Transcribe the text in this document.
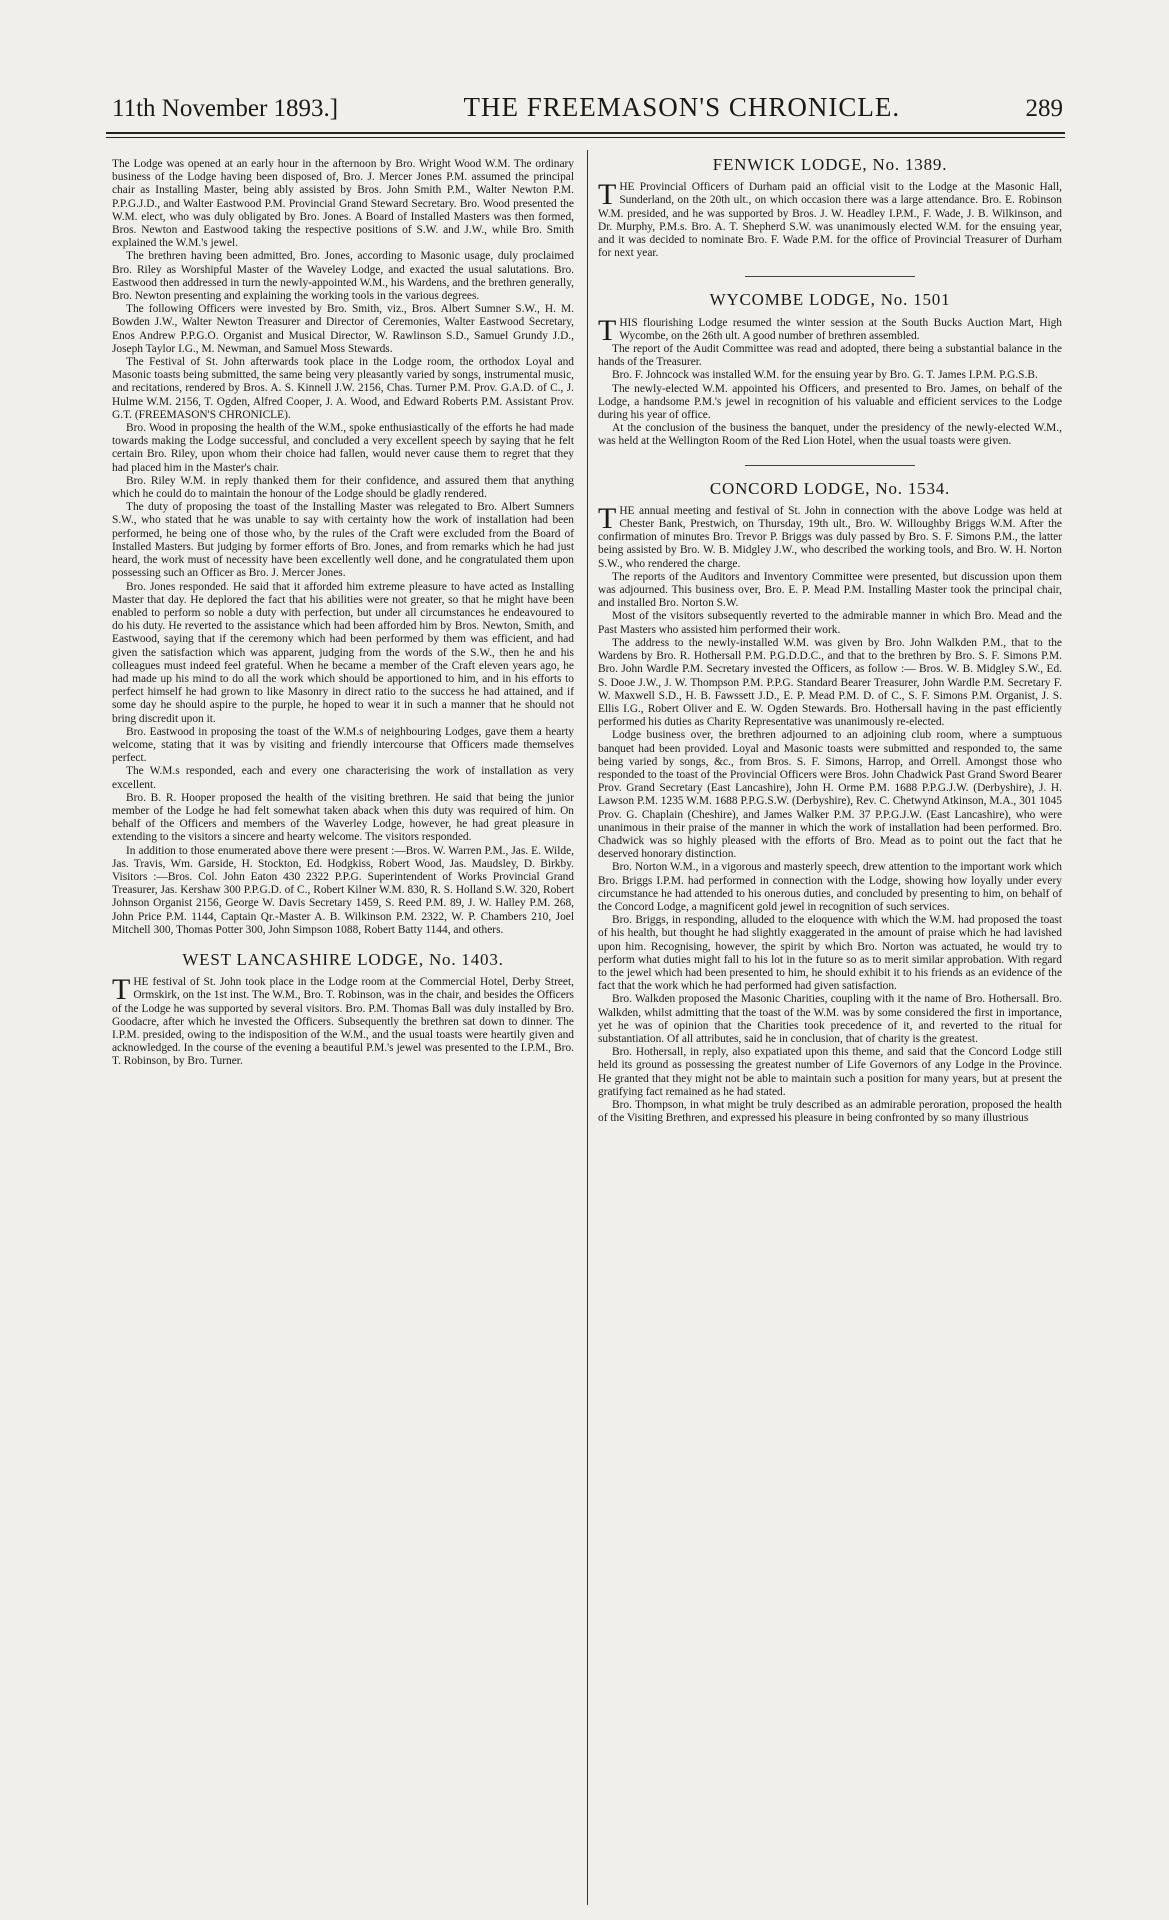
11th November 1893.]	THE FREEMASON'S CHRONICLE.	289

The Lodge was opened at an early hour in the afternoon by Bro. Wright Wood W.M. The ordinary business of the Lodge having been disposed of, Bro. J. Mercer Jones P.M. assumed the principal chair as Installing Master, being ably assisted by Bros. John Smith P.M., Walter Newton P.M. P.P.G.J.D., and Walter Eastwood P.M. Provincial Grand Steward Secretary. Bro. Wood presented the W.M. elect, who was duly obligated by Bro. Jones. A Board of Installed Masters was then formed, Bros. Newton and Eastwood taking the respective positions of S.W. and J.W., while Bro. Smith explained the W.M.'s jewel.

The brethren having been admitted, Bro. Jones, according to Masonic usage, duly proclaimed Bro. Riley as Worshipful Master of the Waveley Lodge, and exacted the usual salutations. Bro. Eastwood then addressed in turn the newly-appointed W.M., his Wardens, and the brethren generally, Bro. Newton presenting and explaining the working tools in the various degrees.

The following Officers were invested by Bro. Smith, viz., Bros. Albert Sumner S.W., H. M. Bowden J.W., Walter Newton Treasurer and Director of Ceremonies, Walter Eastwood Secretary, Enos Andrew P.P.G.O. Organist and Musical Director, W. Rawlinson S.D., Samuel Grundy J.D., Joseph Taylor I.G., M. Newman, and Samuel Moss Stewards.

The Festival of St. John afterwards took place in the Lodge room, the orthodox Loyal and Masonic toasts being submitted, the same being very pleasantly varied by songs, instrumental music, and recitations, rendered by Bros. A. S. Kinnell J.W. 2156, Chas. Turner P.M. Prov. G.A.D. of C., J. Hulme W.M. 2156, T. Ogden, Alfred Cooper, J. A. Wood, and Edward Roberts P.M. Assistant Prov. G.T. (FREEMASON'S CHRONICLE).

Bro. Wood in proposing the health of the W.M., spoke enthusiastically of the efforts he had made towards making the Lodge successful, and concluded a very excellent speech by saying that he felt certain Bro. Riley, upon whom their choice had fallen, would never cause them to regret that they had placed him in the Master's chair.

Bro. Riley W.M. in reply thanked them for their confidence, and assured them that anything which he could do to maintain the honour of the Lodge should be gladly rendered.

The duty of proposing the toast of the Installing Master was relegated to Bro. Albert Sumners S.W., who stated that he was unable to say with certainty how the work of installation had been performed, he being one of those who, by the rules of the Craft were excluded from the Board of Installed Masters. But judging by former efforts of Bro. Jones, and from remarks which he had just heard, the work must of necessity have been excellently well done, and he congratulated them upon possessing such an Officer as Bro. J. Mercer Jones.

Bro. Jones responded. He said that it afforded him extreme pleasure to have acted as Installing Master that day. He deplored the fact that his abilities were not greater, so that he might have been enabled to perform so noble a duty with perfection, but under all circumstances he endeavoured to do his duty. He reverted to the assistance which had been afforded him by Bros. Newton, Smith, and Eastwood, saying that if the ceremony which had been performed by them was efficient, and had given the satisfaction which was apparent, judging from the words of the S.W., then he and his colleagues must indeed feel grateful. When he became a member of the Craft eleven years ago, he had made up his mind to do all the work which should be apportioned to him, and in his efforts to perfect himself he had grown to like Masonry in direct ratio to the success he had attained, and if some day he should aspire to the purple, he hoped to wear it in such a manner that he should not bring discredit upon it.

Bro. Eastwood in proposing the toast of the W.M.s of neighbouring Lodges, gave them a hearty welcome, stating that it was by visiting and friendly intercourse that Officers made themselves perfect.

The W.M.s responded, each and every one characterising the work of installation as very excellent.

Bro. B. R. Hooper proposed the health of the visiting brethren. He said that being the junior member of the Lodge he had felt somewhat taken aback when this duty was required of him. On behalf of the Officers and members of the Waverley Lodge, however, he had great pleasure in extending to the visitors a sincere and hearty welcome. The visitors responded.

In addition to those enumerated above there were present :—Bros. W. Warren P.M., Jas. E. Wilde, Jas. Travis, Wm. Garside, H. Stockton, Ed. Hodgkiss, Robert Wood, Jas. Maudsley, D. Birkby. Visitors :—Bros. Col. John Eaton 430 2322 P.P.G. Superintendent of Works Provincial Grand Treasurer, Jas. Kershaw 300 P.P.G.D. of C., Robert Kilner W.M. 830, R. S. Holland S.W. 320, Robert Johnson Organist 2156, George W. Davis Secretary 1459, S. Reed P.M. 89, J. W. Halley P.M. 268, John Price P.M. 1144, Captain Qr.-Master A. B. Wilkinson P.M. 2322, W. P. Chambers 210, Joel Mitchell 300, Thomas Potter 300, John Simpson 1088, Robert Batty 1144, and others.

WEST LANCASHIRE LODGE, No. 1403.

THE festival of St. John took place in the Lodge room at the Commercial Hotel, Derby Street, Ormskirk, on the 1st inst. The W.M., Bro. T. Robinson, was in the chair, and besides the Officers of the Lodge he was supported by several visitors. Bro. P.M. Thomas Ball was duly installed by Bro. Goodacre, after which he invested the Officers. Subsequently the brethren sat down to dinner. The I.P.M. presided, owing to the indisposition of the W.M., and the usual toasts were heartily given and acknowledged. In the course of the evening a beautiful P.M.'s jewel was presented to the I.P.M., Bro. T. Robinson, by Bro. Turner.

FENWICK LODGE, No. 1389.

THE Provincial Officers of Durham paid an official visit to the Lodge at the Masonic Hall, Sunderland, on the 20th ult., on which occasion there was a large attendance. Bro. E. Robinson W.M. presided, and he was supported by Bros. J. W. Headley I.P.M., F. Wade, J. B. Wilkinson, and Dr. Murphy, P.M.s. Bro. A. T. Shepherd S.W. was unanimously elected W.M. for the ensuing year, and it was decided to nominate Bro. F. Wade P.M. for the office of Provincial Treasurer of Durham for next year.

WYCOMBE LODGE, No. 1501

THIS flourishing Lodge resumed the winter session at the South Bucks Auction Mart, High Wycombe, on the 26th ult. A good number of brethren assembled.

The report of the Audit Committee was read and adopted, there being a substantial balance in the hands of the Treasurer.

Bro. F. Johncock was installed W.M. for the ensuing year by Bro. G. T. James I.P.M. P.G.S.B.

The newly-elected W.M. appointed his Officers, and presented to Bro. James, on behalf of the Lodge, a handsome P.M.'s jewel in recognition of his valuable and efficient services to the Lodge during his year of office.

At the conclusion of the business the banquet, under the presidency of the newly-elected W.M., was held at the Wellington Room of the Red Lion Hotel, when the usual toasts were given.

CONCORD LODGE, No. 1534.

THE annual meeting and festival of St. John in connection with the above Lodge was held at Chester Bank, Prestwich, on Thursday, 19th ult., Bro. W. Willoughby Briggs W.M. After the confirmation of minutes Bro. Trevor P. Briggs was duly passed by Bro. S. F. Simons P.M., the latter being assisted by Bro. W. B. Midgley J.W., who described the working tools, and Bro. W. H. Norton S.W., who rendered the charge.

The reports of the Auditors and Inventory Committee were presented, but discussion upon them was adjourned. This business over, Bro. E. P. Mead P.M. Installing Master took the principal chair, and installed Bro. Norton S.W.

Most of the visitors subsequently reverted to the admirable manner in which Bro. Mead and the Past Masters who assisted him performed their work.

The address to the newly-installed W.M. was given by Bro. John Walkden P.M., that to the Wardens by Bro. R. Hothersall P.M. P.G.D.D.C., and that to the brethren by Bro. S. F. Simons P.M. Bro. John Wardle P.M. Secretary invested the Officers, as follow :— Bros. W. B. Midgley S.W., Ed. S. Dooe J.W., J. W. Thompson P.M. P.P.G. Standard Bearer Treasurer, John Wardle P.M. Secretary F. W. Maxwell S.D., H. B. Fawssett J.D., E. P. Mead P.M. D. of C., S. F. Simons P.M. Organist, J. S. Ellis I.G., Robert Oliver and E. W. Ogden Stewards. Bro. Hothersall having in the past efficiently performed his duties as Charity Representative was unanimously re-elected.

Lodge business over, the brethren adjourned to an adjoining club room, where a sumptuous banquet had been provided. Loyal and Masonic toasts were submitted and responded to, the same being varied by songs, &c., from Bros. S. F. Simons, Harrop, and Orrell. Amongst those who responded to the toast of the Provincial Officers were Bros. John Chadwick Past Grand Sword Bearer Prov. Grand Secretary (East Lancashire), John H. Orme P.M. 1688 P.P.G.J.W. (Derbyshire), J. H. Lawson P.M. 1235 W.M. 1688 P.P.G.S.W. (Derbyshire), Rev. C. Chetwynd Atkinson, M.A., 301 1045 Prov. G. Chaplain (Cheshire), and James Walker P.M. 37 P.P.G.J.W. (East Lancashire), who were unanimous in their praise of the manner in which the work of installation had been performed. Bro. Chadwick was so highly pleased with the efforts of Bro. Mead as to point out the fact that he deserved honorary distinction.

Bro. Norton W.M., in a vigorous and masterly speech, drew attention to the important work which Bro. Briggs I.P.M. had performed in connection with the Lodge, showing how loyally under every circumstance he had attended to his onerous duties, and concluded by presenting to him, on behalf of the Concord Lodge, a magnificent gold jewel in recognition of such services.

Bro. Briggs, in responding, alluded to the eloquence with which the W.M. had proposed the toast of his health, but thought he had slightly exaggerated in the amount of praise which he had lavished upon him. Recognising, however, the spirit by which Bro. Norton was actuated, he would try to perform what duties might fall to his lot in the future so as to merit similar approbation. With regard to the jewel which had been presented to him, he should exhibit it to his friends as an evidence of the fact that the work which he had performed had given satisfaction.

Bro. Walkden proposed the Masonic Charities, coupling with it the name of Bro. Hothersall. Bro. Walkden, whilst admitting that the toast of the W.M. was by some considered the first in importance, yet he was of opinion that the Charities took precedence of it, and reverted to the ritual for substantiation. Of all attributes, said he in conclusion, that of charity is the greatest.

Bro. Hothersall, in reply, also expatiated upon this theme, and said that the Concord Lodge still held its ground as possessing the greatest number of Life Governors of any Lodge in the Province. He granted that they might not be able to maintain such a position for many years, but at present the gratifying fact remained as he had stated.

Bro. Thompson, in what might be truly described as an admirable peroration, proposed the health of the Visiting Brethren, and expressed his pleasure in being confronted by so many illustrious
